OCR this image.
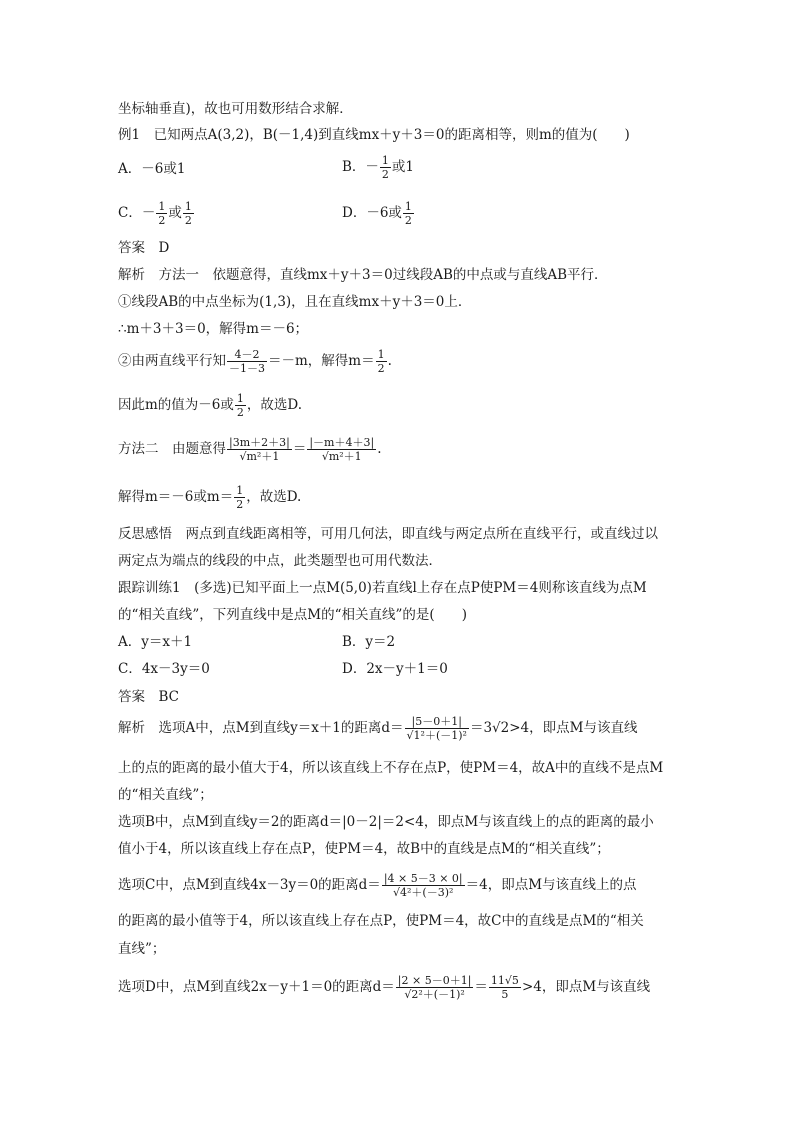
坐标轴垂直)，故也可用数形结合求解．
例1　已知两点A(3,2)，B(－1,4)到直线mx＋y＋3＝0的距离相等，则m的值为(　　)
A．－6或1	B．－ $\frac{1}{2}$ 或1
C．－ $\frac{1}{2}$ 或 $\frac{1}{2}$	D．－6或 $\frac{1}{2}$
答案　D
解析　方法一　依题意得，直线mx＋y＋3＝0过线段AB的中点或与直线AB平行．
①线段AB的中点坐标为(1,3)，且在直线mx＋y＋3＝0上．
∴m＋3＋3＝0，解得m＝－6；
②由两直线平行知 $\frac{4-2}{-1-3} =-m$，解得$m= \frac{1}{2}$ .
因此m的值为－6或 $\frac{1}{2}$ ，故选D.
方法二　由题意得 $\frac{|3m+2+3|}{\text{√m²＋1}} = \frac{|-m+4+3|}{\text{√m²＋1}}$ .
解得m＝－6或$m= \frac{1}{2}$ ，故选D.
反思感悟　两点到直线距离相等，可用几何法，即直线与两定点所在直线平行，或直线过以
两定点为端点的线段的中点，此类题型也可用代数法．
跟踪训练1　(多选)已知平面上一点M(5,0)若直线l上存在点P使PM＝4则称该直线为点M
的“相关直线”，下列直线中是点M的“相关直线”的是(　　)
A．y＝x＋1	B．y＝2
C．4x－3y＝0	D．2x－y＋1＝0
答案　BC
解析　选项A中，点M到直线y＝x＋1的距离$d= \frac{|5-0+1|}{\text{√1²＋(－1)²}} =3√2>4$，即点M与该直线
上的点的距离的最小值大于4，所以该直线上不存在点P，使PM＝4，故A中的直线不是点M
的“相关直线”；
选项B中，点M到直线y＝2的距离d＝|0－2|＝2<4，即点M与该直线上的点的距离的最小
值小于4，所以该直线上存在点P，使PM＝4，故B中的直线是点M的“相关直线”；
选项C中，点M到直线4x－3y＝0的距离$d= \frac{|4 \times 5-3 \times 0|}{\text{√4²＋(－3)²}} =4$，即点M与该直线上的点
的距离的最小值等于4，所以该直线上存在点P，使PM＝4，故C中的直线是点M的“相关
直线”；
选项D中，点M到直线2x－y＋1＝0的距离$d= \frac{|2 \times 5-0+1|}{\text{√2²＋(－1)²}} = \frac{11√5}{5} >4$，即点M与该直线
